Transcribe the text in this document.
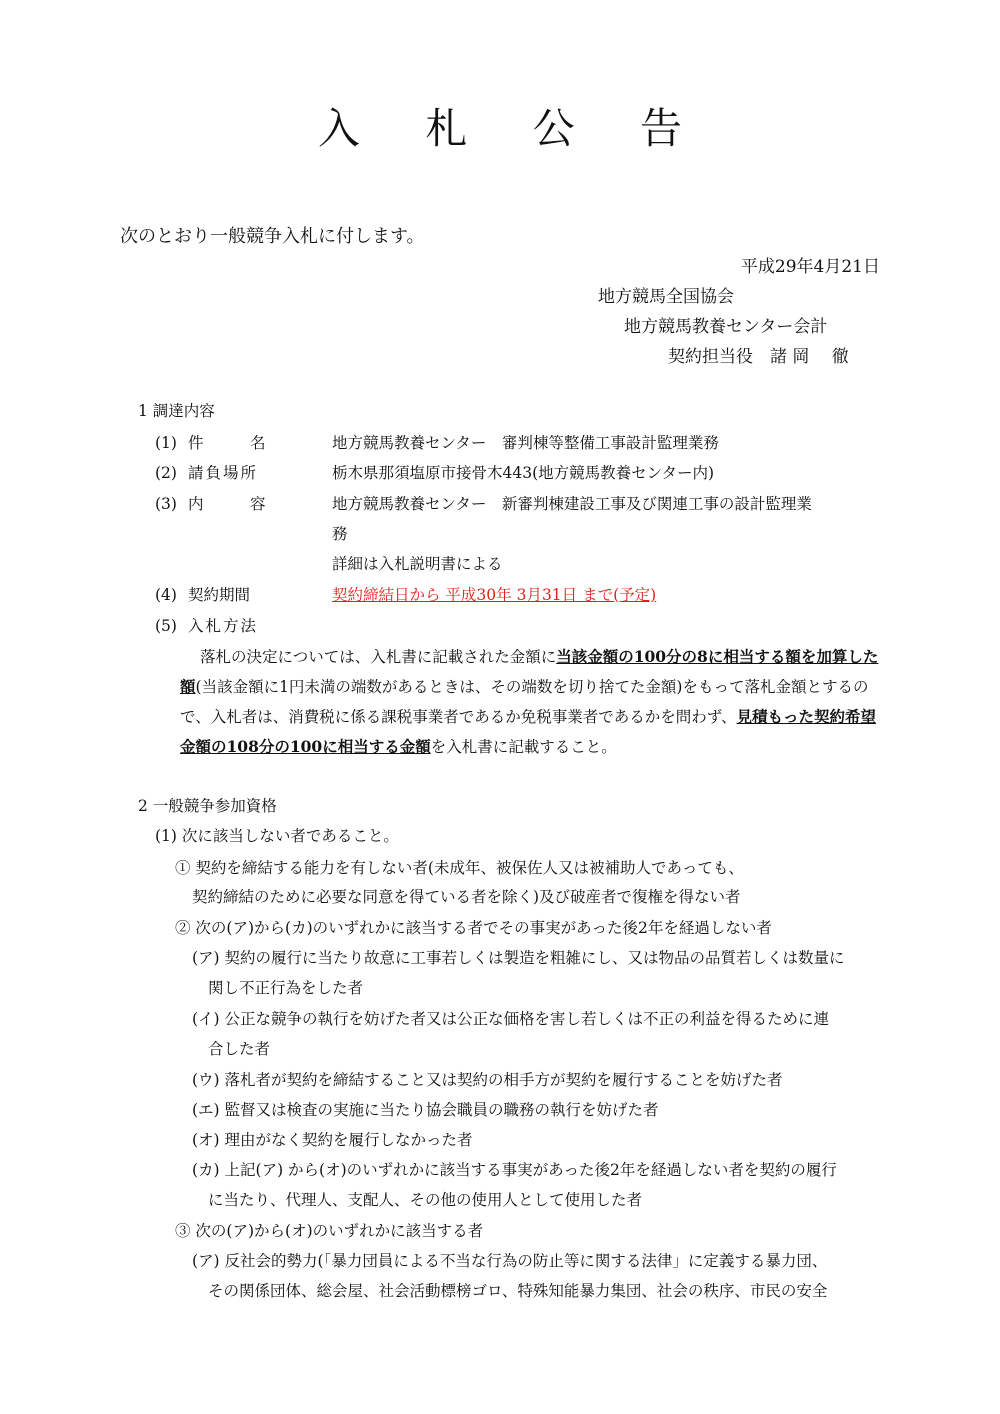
入 札 公 告
次のとおり一般競争入札に付します。
平成29年4月21日
地方競馬全国協会
地方競馬教養センター会計
契約担当役　諸 岡　 徹
1 調達内容
(1) 件　　　名	地方競馬教養センター　審判棟等整備工事設計監理業務
(2) 請負場所	栃木県那須塩原市接骨木443(地方競馬教養センター内)
(3) 内　　　容	地方競馬教養センター　新審判棟建設工事及び関連工事の設計監理業
務
詳細は入札説明書による
(4) 契約期間	契約締結日から 平成30年 3月31日 まで(予定)
(5) 入札方法
落札の決定については、入札書に記載された金額に当該金額の100分の8に相当する額を加算した額(当該金額に1円未満の端数があるときは、その端数を切り捨てた金額)をもって落札金額とするので、入札者は、消費税に係る課税事業者であるか免税事業者であるかを問わず、見積もった契約希望金額の108分の100に相当する金額を入札書に記載すること。
2 一般競争参加資格
(1) 次に該当しない者であること。
① 契約を締結する能力を有しない者(未成年、被保佐人又は被補助人であっても、
契約締結のために必要な同意を得ている者を除く)及び破産者で復権を得ない者
② 次の(ア)から(カ)のいずれかに該当する者でその事実があった後2年を経過しない者
(ア) 契約の履行に当たり故意に工事若しくは製造を粗雑にし、又は物品の品質若しくは数量に
関し不正行為をした者
(イ) 公正な競争の執行を妨げた者又は公正な価格を害し若しくは不正の利益を得るために連
合した者
(ウ) 落札者が契約を締結すること又は契約の相手方が契約を履行することを妨げた者
(エ) 監督又は検査の実施に当たり協会職員の職務の執行を妨げた者
(オ) 理由がなく契約を履行しなかった者
(カ) 上記(ア) から(オ)のいずれかに該当する事実があった後2年を経過しない者を契約の履行
に当たり、代理人、支配人、その他の使用人として使用した者
③ 次の(ア)から(オ)のいずれかに該当する者
(ア) 反社会的勢力(「暴力団員による不当な行為の防止等に関する法律」に定義する暴力団、
その関係団体、総会屋、社会活動標榜ゴロ、特殊知能暴力集団、社会の秩序、市民の安全
